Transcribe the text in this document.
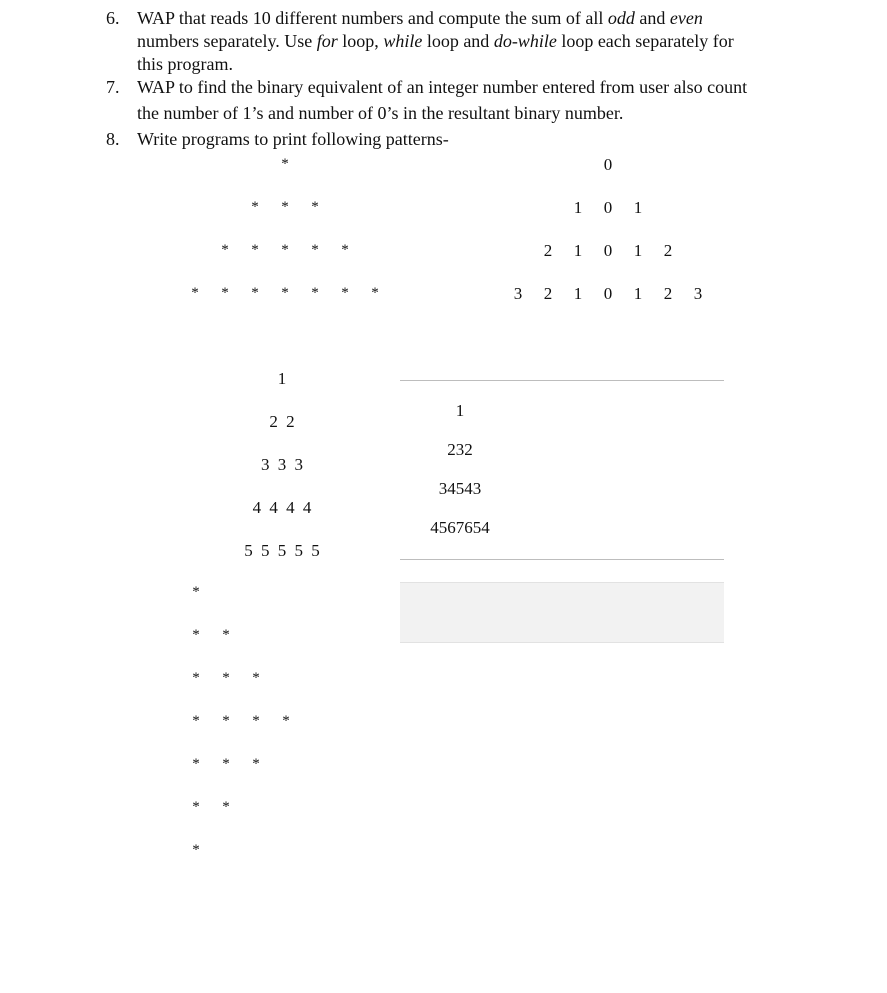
6. WAP that reads 10 different numbers and compute the sum of all odd and even
numbers separately. Use for loop, while loop and do-while loop each separately for
this program.
7. WAP to find the binary equivalent of an integer number entered from user also count
the number of 1’s and number of 0’s in the resultant binary number.
8. Write programs to print following patterns-
*
* * *
* * * * *
* * * * * * *
0
1 0 1
2 1 0 1 2
3 2 1 0 1 2 3
1
2 2
3 3 3
4 4 4 4
5 5 5 5 5
1
232
34543
4567654
*
* *
* * *
* * * *
* * *
* *
*
